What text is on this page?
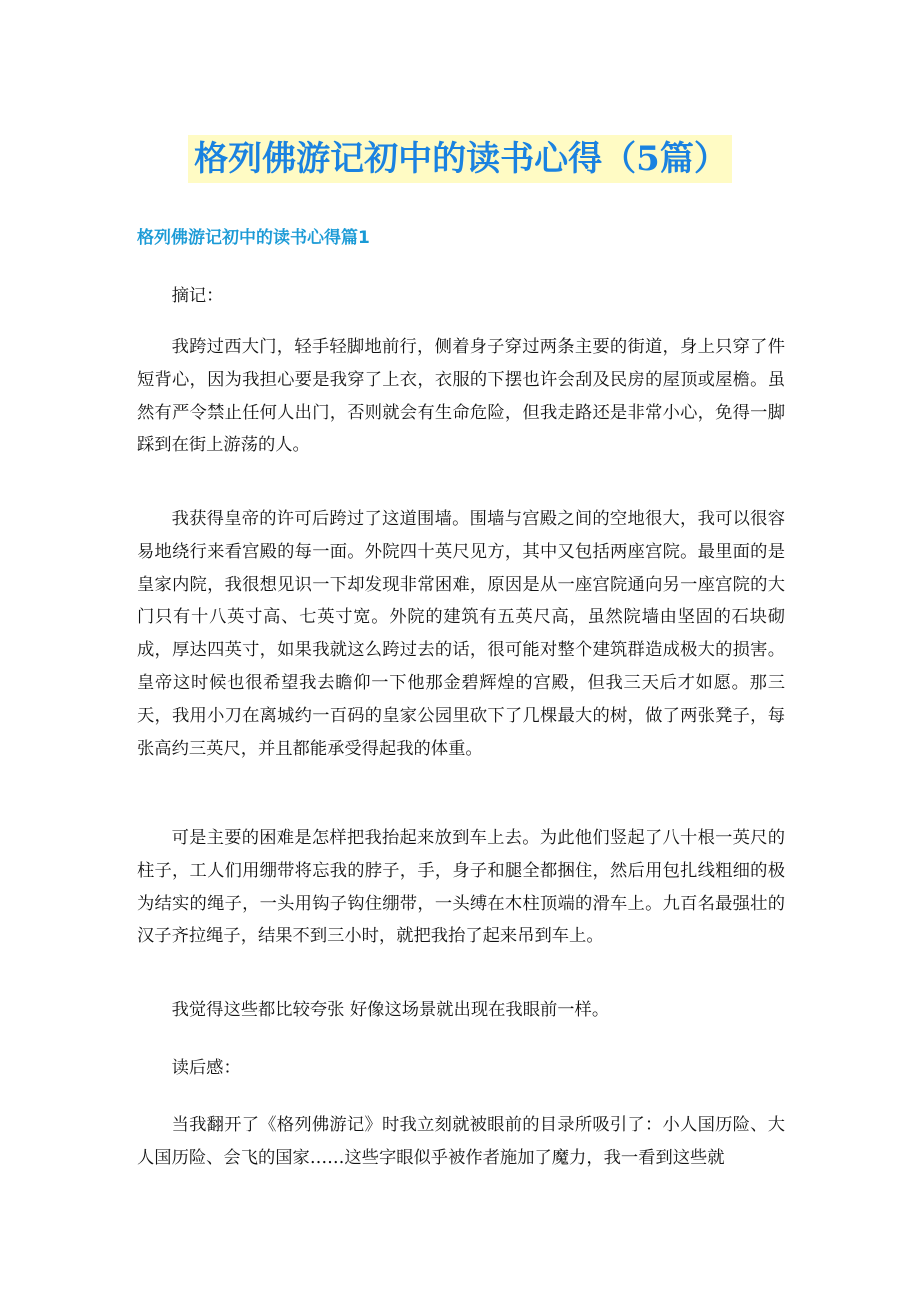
格列佛游记初中的读书心得（5篇）
格列佛游记初中的读书心得篇1

摘记：

我跨过西大门，轻手轻脚地前行，侧着身子穿过两条主要的街道，身上只穿了件短背心，因为我担心要是我穿了上衣，衣服的下摆也许会刮及民房的屋顶或屋檐。虽然有严令禁止任何人出门，否则就会有生命危险，但我走路还是非常小心，免得一脚踩到在街上游荡的人。

我获得皇帝的许可后跨过了这道围墙。围墙与宫殿之间的空地很大，我可以很容易地绕行来看宫殿的每一面。外院四十英尺见方，其中又包括两座宫院。最里面的是皇家内院，我很想见识一下却发现非常困难，原因是从一座宫院通向另一座宫院的大门只有十八英寸高、七英寸宽。外院的建筑有五英尺高，虽然院墙由坚固的石块砌成，厚达四英寸，如果我就这么跨过去的话，很可能对整个建筑群造成极大的损害。皇帝这时候也很希望我去瞻仰一下他那金碧辉煌的宫殿，但我三天后才如愿。那三天，我用小刀在离城约一百码的皇家公园里砍下了几棵最大的树，做了两张凳子，每张高约三英尺，并且都能承受得起我的体重。

可是主要的困难是怎样把我抬起来放到车上去。为此他们竖起了八十根一英尺的柱子，工人们用绷带将忘我的脖子，手，身子和腿全都捆住，然后用包扎线粗细的极为结实的绳子，一头用钩子钩住绷带，一头缚在木柱顶端的滑车上。九百名最强壮的汉子齐拉绳子，结果不到三小时，就把我抬了起来吊到车上。

我觉得这些都比较夸张 好像这场景就出现在我眼前一样。

读后感：

当我翻开了《格列佛游记》时我立刻就被眼前的目录所吸引了：小人国历险、大人国历险、会飞的国家……这些字眼似乎被作者施加了魔力，我一看到这些就
